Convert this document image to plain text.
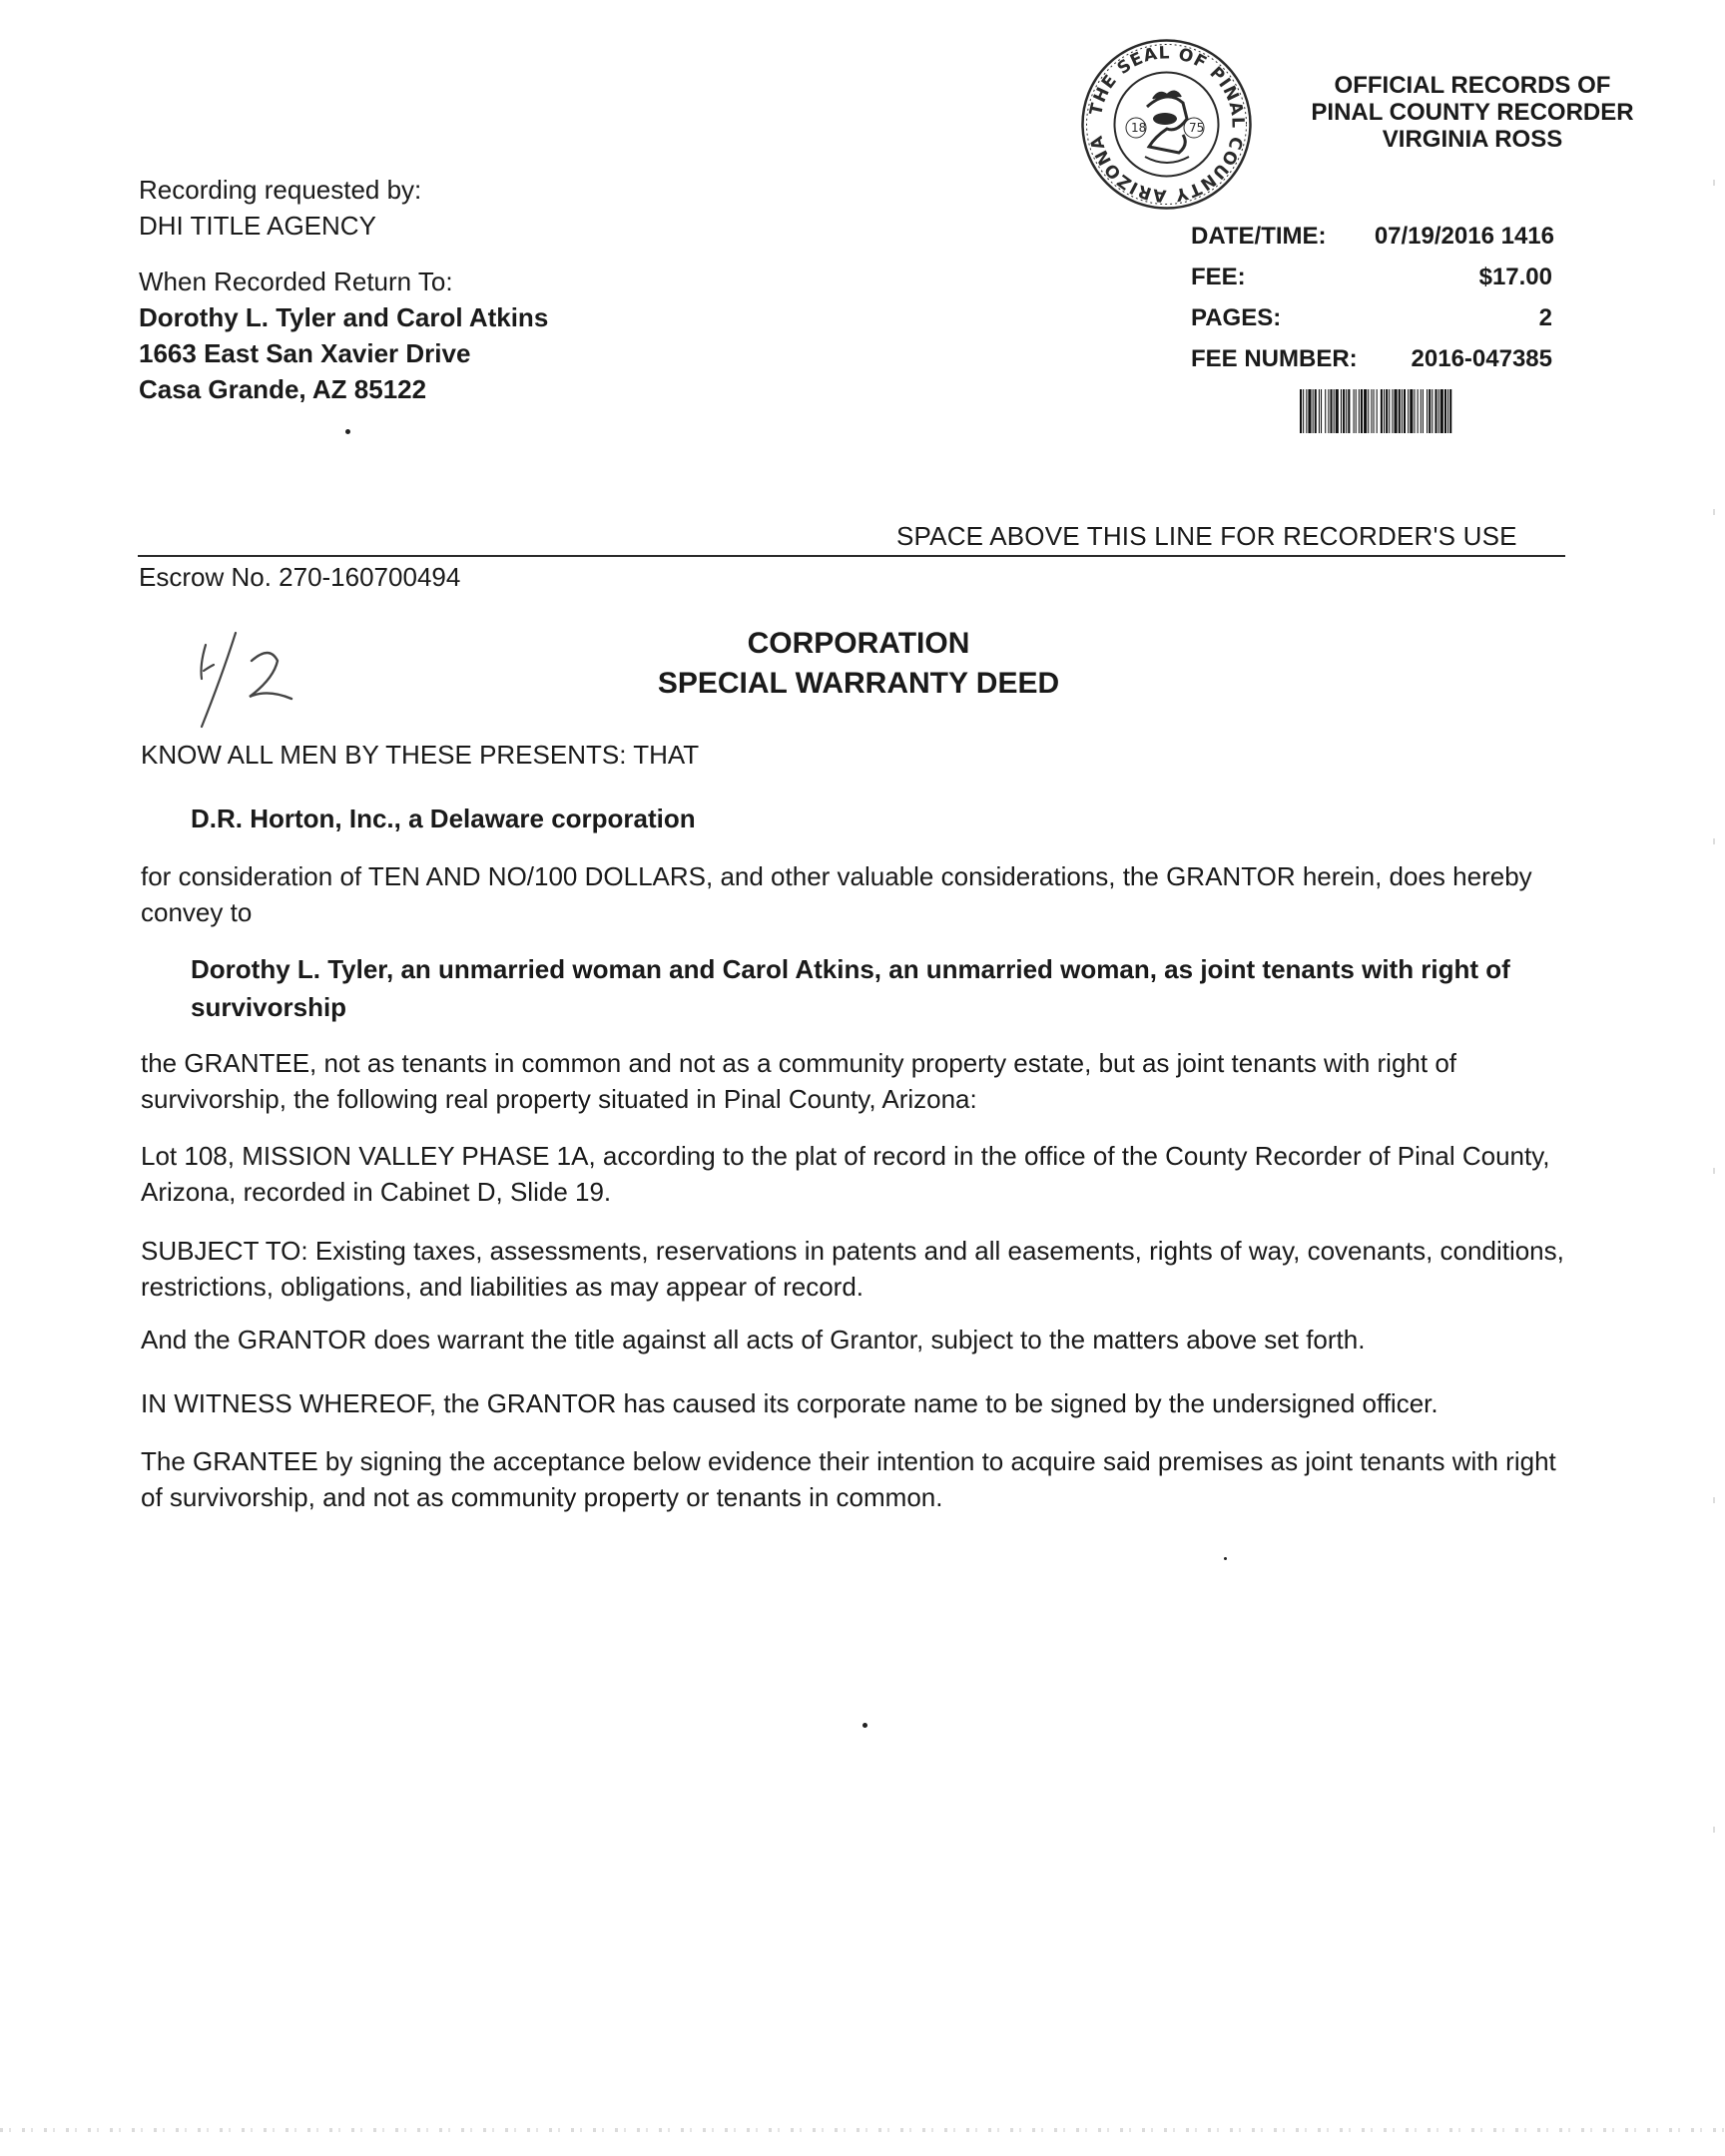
THE SEAL OF PINAL COUNTY ARIZONA
18	75
OFFICIAL RECORDS OF
PINAL COUNTY RECORDER
VIRGINIA ROSS
DATE/TIME: 07/19/2016 1416
FEE:	$17.00
PAGES:	2
FEE NUMBER: 2016-047385
Recording requested by:
DHI TITLE AGENCY
When Recorded Return To:
Dorothy L. Tyler and Carol Atkins
1663 East San Xavier Drive
Casa Grande, AZ 85122
SPACE ABOVE THIS LINE FOR RECORDER'S USE
Escrow No. 270-160700494
CORPORATION
SPECIAL WARRANTY DEED
KNOW ALL MEN BY THESE PRESENTS: THAT
D.R. Horton, Inc., a Delaware corporation
for consideration of TEN AND NO/100 DOLLARS, and other valuable considerations, the GRANTOR herein, does hereby convey to
Dorothy L. Tyler, an unmarried woman and Carol Atkins, an unmarried woman, as joint tenants with right of survivorship
the GRANTEE, not as tenants in common and not as a community property estate, but as joint tenants with right of survivorship, the following real property situated in Pinal County, Arizona:
Lot 108, MISSION VALLEY PHASE 1A, according to the plat of record in the office of the County Recorder of Pinal County, Arizona, recorded in Cabinet D, Slide 19.
SUBJECT TO: Existing taxes, assessments, reservations in patents and all easements, rights of way, covenants, conditions, restrictions, obligations, and liabilities as may appear of record.
And the GRANTOR does warrant the title against all acts of Grantor, subject to the matters above set forth.
IN WITNESS WHEREOF, the GRANTOR has caused its corporate name to be signed by the undersigned officer.
The GRANTEE by signing the acceptance below evidence their intention to acquire said premises as joint tenants with right of survivorship, and not as community property or tenants in common.
